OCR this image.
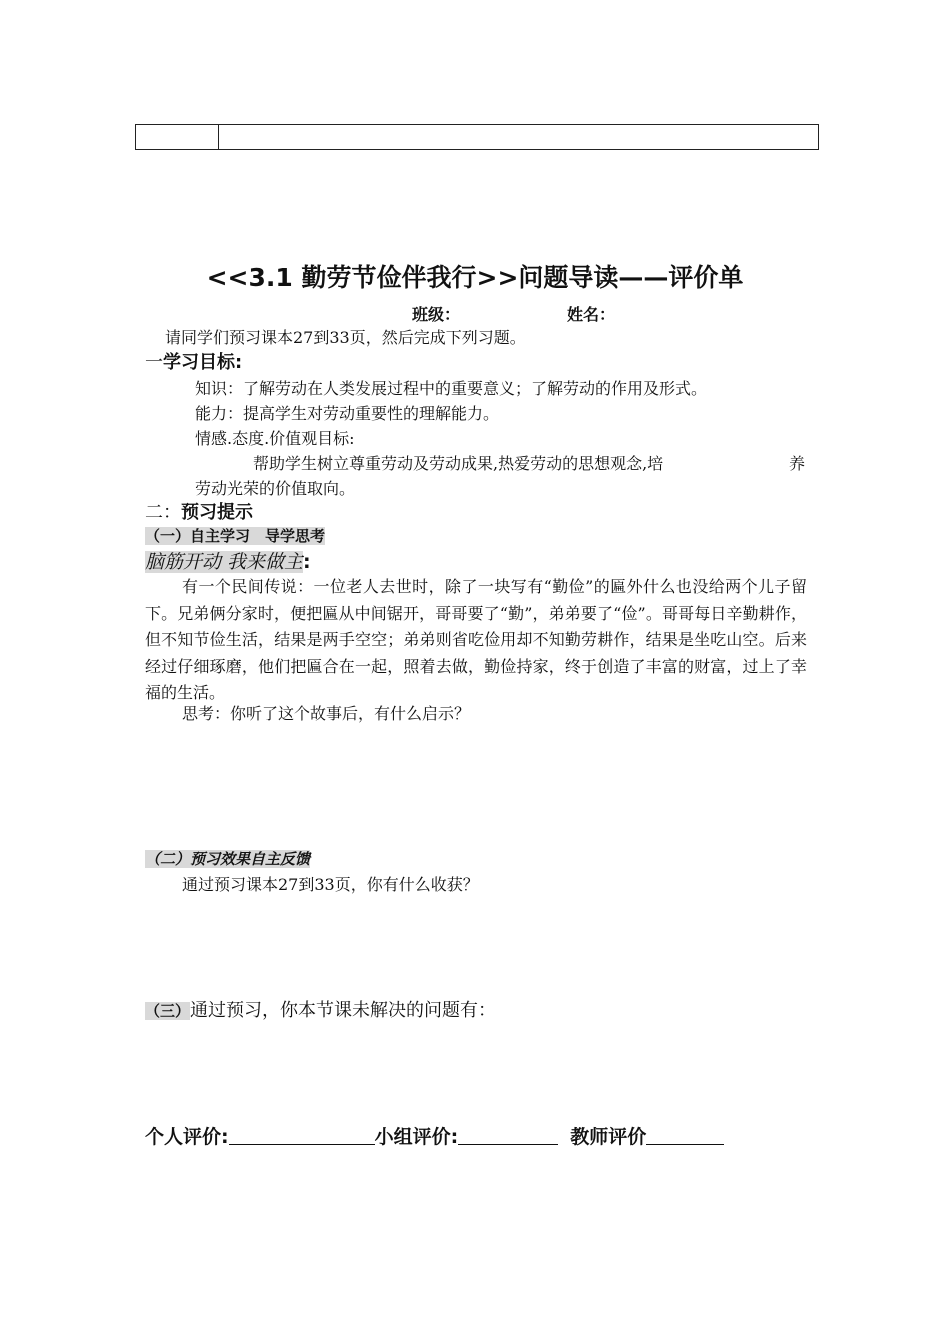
<<3.1 勤劳节俭伴我行>>问题导读——评价单
班级：	姓名：
请同学们预习课本27到33页，然后完成下列习题。
一学习目标:
知识：了解劳动在人类发展过程中的重要意义；了解劳动的作用及形式。
能力：提高学生对劳动重要性的理解能力。
情感.态度.价值观目标:
帮助学生树立尊重劳动及劳动成果,热爱劳动的思想观念,培	养
劳动光荣的价值取向。
二：预习提示
（一）自主学习　导学思考
脑筋开动 我来做主:
有一个民间传说：一位老人去世时，除了一块写有“勤俭”的匾外什么也没给两个儿子留下。兄弟俩分家时，便把匾从中间锯开，哥哥要了“勤”，弟弟要了“俭”。哥哥每日辛勤耕作，但不知节俭生活，结果是两手空空；弟弟则省吃俭用却不知勤劳耕作，结果是坐吃山空。后来经过仔细琢磨，他们把匾合在一起，照着去做，勤俭持家，终于创造了丰富的财富，过上了幸福的生活。
思考：你听了这个故事后，有什么启示？
（二）预习效果自主反馈
通过预习课本27到33页，你有什么收获？
（三）通过预习，你本节课未解决的问题有：
个人评价:	小组评价:	教师评价
